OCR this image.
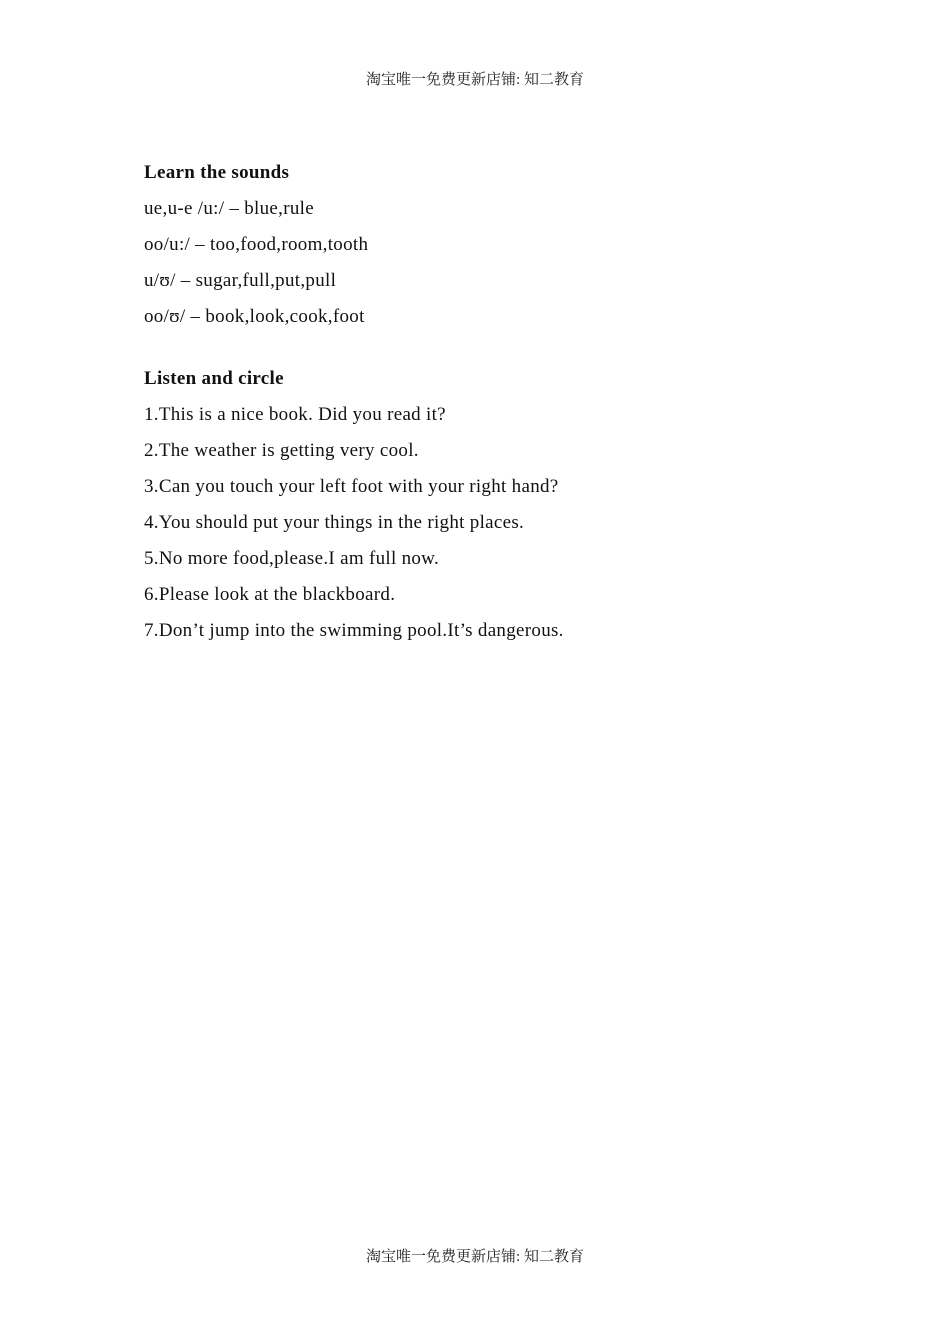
淘宝唯一免费更新店铺: 知二教育
Learn the sounds
ue,u-e /u:/ – blue,rule
oo/u:/ – too,food,room,tooth
u/ʊ/ – sugar,full,put,pull
oo/ʊ/ – book,look,cook,foot
Listen and circle
1.This is a nice book. Did you read it?
2.The weather is getting very cool.
3.Can you touch your left foot with your right hand?
4.You should put your things in the right places.
5.No more food,please.I am full now.
6.Please look at the blackboard.
7.Don’t jump into the swimming pool.It’s dangerous.
淘宝唯一免费更新店铺: 知二教育
